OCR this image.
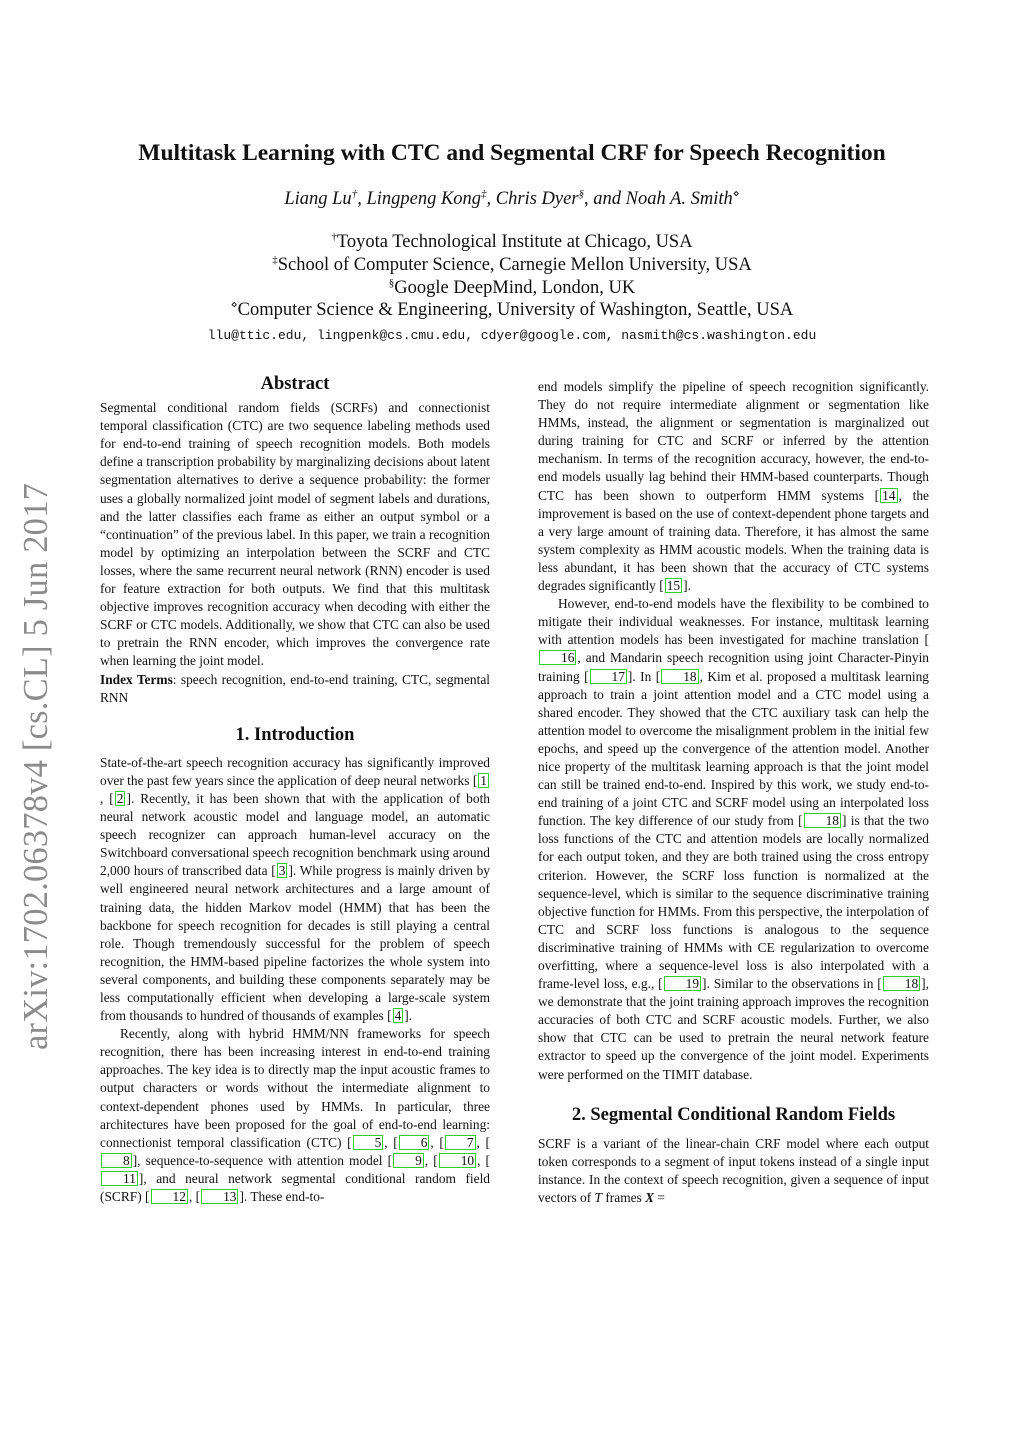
Multitask Learning with CTC and Segmental CRF for Speech Recognition
Liang Lu†, Lingpeng Kong‡, Chris Dyer§, and Noah A. Smith⋄
†Toyota Technological Institute at Chicago, USA
‡School of Computer Science, Carnegie Mellon University, USA
§Google DeepMind, London, UK
⋄Computer Science & Engineering, University of Washington, Seattle, USA
llu@ttic.edu, lingpenk@cs.cmu.edu, cdyer@google.com, nasmith@cs.washington.edu
arXiv:1702.06378v4 [cs.CL] 5 Jun 2017
Abstract

Segmental conditional random fields (SCRFs) and connectionist temporal classification (CTC) are two sequence labeling methods used for end-to-end training of speech recognition models. Both models define a transcription probability by marginalizing decisions about latent segmentation alternatives to derive a sequence probability: the former uses a globally normalized joint model of segment labels and durations, and the latter classifies each frame as either an output symbol or a “continuation” of the previous label. In this paper, we train a recognition model by optimizing an interpolation between the SCRF and CTC losses, where the same recurrent neural network (RNN) encoder is used for feature extraction for both outputs. We find that this multitask objective improves recognition accuracy when decoding with either the SCRF or CTC models. Additionally, we show that CTC can also be used to pretrain the RNN encoder, which improves the convergence rate when learning the joint model.

Index Terms: speech recognition, end-to-end training, CTC, segmental RNN

1. Introduction

State-of-the-art speech recognition accuracy has significantly improved over the past few years since the application of deep neural networks [ 1, [ 2 ]. Recently, it has been shown that with the application of both neural network acoustic model and language model, an automatic speech recognizer can approach human-level accuracy on the Switchboard conversational speech recognition benchmark using around 2,000 hours of transcribed data [ 3 ]. While progress is mainly driven by well engineered neural network architectures and a large amount of training data, the hidden Markov model (HMM) that has been the backbone for speech recognition for decades is still playing a central role. Though tremendously successful for the problem of speech recognition, the HMM-based pipeline factorizes the whole system into several components, and building these components separately may be less computationally efficient when developing a large-scale system from thousands to hundred of thousands of examples [ 4 ].

Recently, along with hybrid HMM/NN frameworks for speech recognition, there has been increasing interest in end-to-end training approaches. The key idea is to directly map the input acoustic frames to output characters or words without the intermediate alignment to context-dependent phones used by HMMs. In particular, three architectures have been proposed for the goal of end-to-end learning: connectionist temporal classification (CTC) [ 5 , [ 6 , [ 7 , [8 ], sequence-to-sequence with attention model [ 9 , [ 10 , [11 ], and neural network segmental conditional random field (SCRF) [ 12 , [ 13 ]. These end-to-

end models simplify the pipeline of speech recognition significantly. They do not require intermediate alignment or segmentation like HMMs, instead, the alignment or segmentation is marginalized out during training for CTC and SCRF or inferred by the attention mechanism. In terms of the recognition accuracy, however, the end-to-end models usually lag behind their HMM-based counterparts. Though CTC has been shown to outperform HMM systems [ 14 , the improvement is based on the use of context-dependent phone targets and a very large amount of training data. Therefore, it has almost the same system complexity as HMM acoustic models. When the training data is less abundant, it has been shown that the accuracy of CTC systems degrades significantly [ 15 ].

However, end-to-end models have the flexibility to be combined to mitigate their individual weaknesses. For instance, multitask learning with attention models has been investigated for machine translation [16 , and Mandarin speech recognition using joint Character-Pinyin training [ 17 ]. In [ 18 , Kim et al. proposed a multitask learning approach to train a joint attention model and a CTC model using a shared encoder. They showed that the CTC auxiliary task can help the attention model to overcome the misalignment problem in the initial few epochs, and speed up the convergence of the attention model. Another nice property of the multitask learning approach is that the joint model can still be trained end-to-end. Inspired by this work, we study end-to-end training of a joint CTC and SCRF model using an interpolated loss function. The key difference of our study from [ 18 ] is that the two loss functions of the CTC and attention models are locally normalized for each output token, and they are both trained using the cross entropy criterion. However, the SCRF loss function is normalized at the sequence-level, which is similar to the sequence discriminative training objective function for HMMs. From this perspective, the interpolation of CTC and SCRF loss functions is analogous to the sequence discriminative training of HMMs with CE regularization to overcome overfitting, where a sequence-level loss is also interpolated with a frame-level loss, e.g., [ 19 ]. Similar to the observations in [ 18 ], we demonstrate that the joint training approach improves the recognition accuracies of both CTC and SCRF acoustic models. Further, we also show that CTC can be used to pretrain the neural network feature extractor to speed up the convergence of the joint model. Experiments were performed on the TIMIT database.

2. Segmental Conditional Random Fields

SCRF is a variant of the linear-chain CRF model where each output token corresponds to a segment of input tokens instead of a single input instance. In the context of speech recognition, given a sequence of input vectors of T frames X =
